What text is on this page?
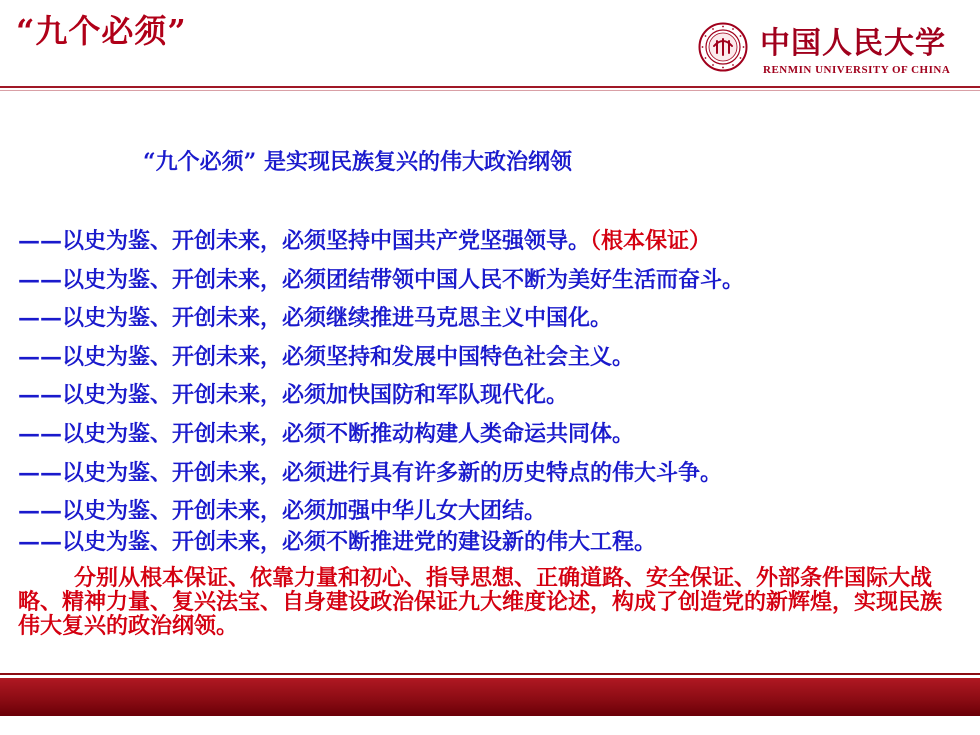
“九个必须”	中国人民大学
RENMIN UNIVERSITY OF CHINA
“九个必须” 是实现民族复兴的伟大政治纲领
——以史为鉴、开创未来，必须坚持中国共产党坚强领导。（根本保证）
——以史为鉴、开创未来，必须团结带领中国人民不断为美好生活而奋斗。
——以史为鉴、开创未来，必须继续推进马克思主义中国化。
——以史为鉴、开创未来，必须坚持和发展中国特色社会主义。
——以史为鉴、开创未来，必须加快国防和军队现代化。
——以史为鉴、开创未来，必须不断推动构建人类命运共同体。
——以史为鉴、开创未来，必须进行具有许多新的历史特点的伟大斗争。
——以史为鉴、开创未来，必须加强中华儿女大团结。
——以史为鉴、开创未来，必须不断推进党的建设新的伟大工程。

分别从根本保证、依靠力量和初心、指导思想、正确道路、安全保证、外部条件国际大战略、精神力量、复兴法宝、自身建设政治保证九大维度论述，构成了创造党的新辉煌，实现民族伟大复兴的政治纲领。
